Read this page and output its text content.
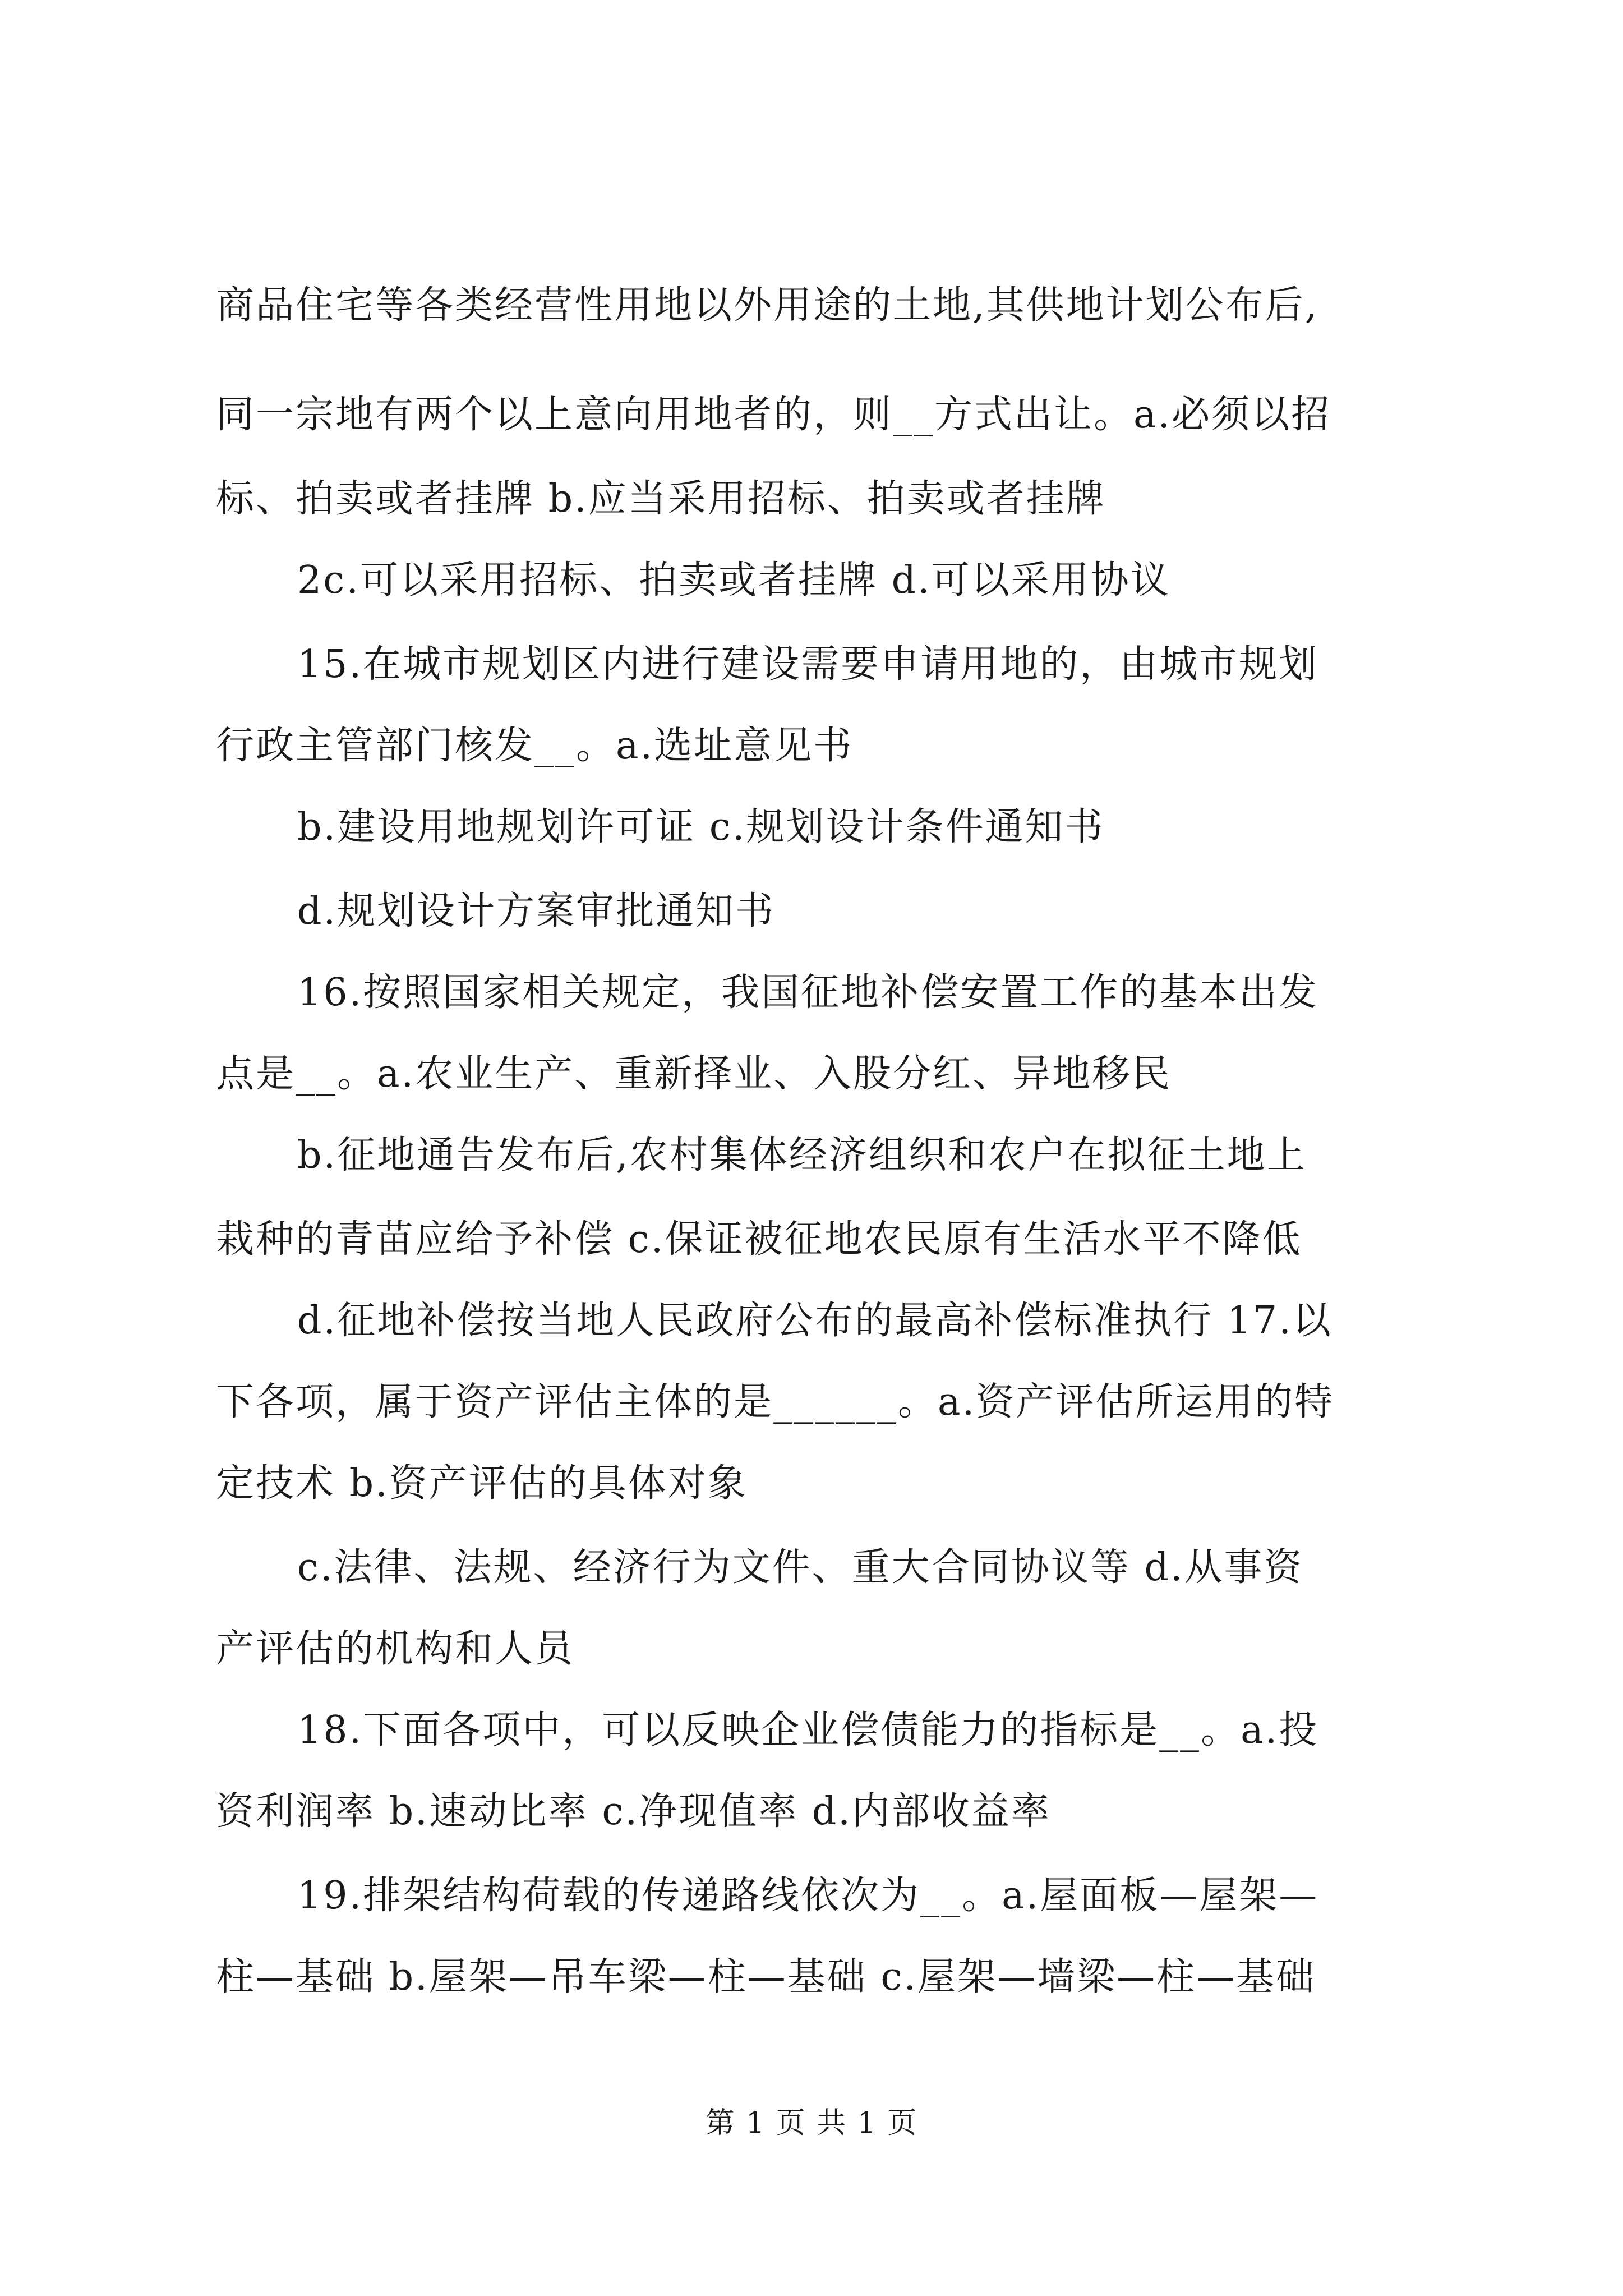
商品住宅等各类经营性用地以外用途的土地,其供地计划公布后,
同一宗地有两个以上意向用地者的，则__方式出让。a.必须以招
标、拍卖或者挂牌 b.应当采用招标、拍卖或者挂牌
2c.可以采用招标、拍卖或者挂牌 d.可以采用协议
15.在城市规划区内进行建设需要申请用地的，由城市规划
行政主管部门核发__。a.选址意见书
b.建设用地规划许可证 c.规划设计条件通知书
d.规划设计方案审批通知书
16.按照国家相关规定，我国征地补偿安置工作的基本出发
点是__。a.农业生产、重新择业、入股分红、异地移民
b.征地通告发布后,农村集体经济组织和农户在拟征土地上
栽种的青苗应给予补偿 c.保证被征地农民原有生活水平不降低
d.征地补偿按当地人民政府公布的最高补偿标准执行 17.以
下各项，属于资产评估主体的是______。a.资产评估所运用的特
定技术 b.资产评估的具体对象
c.法律、法规、经济行为文件、重大合同协议等 d.从事资
产评估的机构和人员
18.下面各项中，可以反映企业偿债能力的指标是__。a.投
资利润率 b.速动比率 c.净现值率 d.内部收益率
19.排架结构荷载的传递路线依次为__。a.屋面板—屋架—
柱—基础 b.屋架—吊车梁—柱—基础 c.屋架—墙梁—柱—基础
第 1 页 共 1 页
